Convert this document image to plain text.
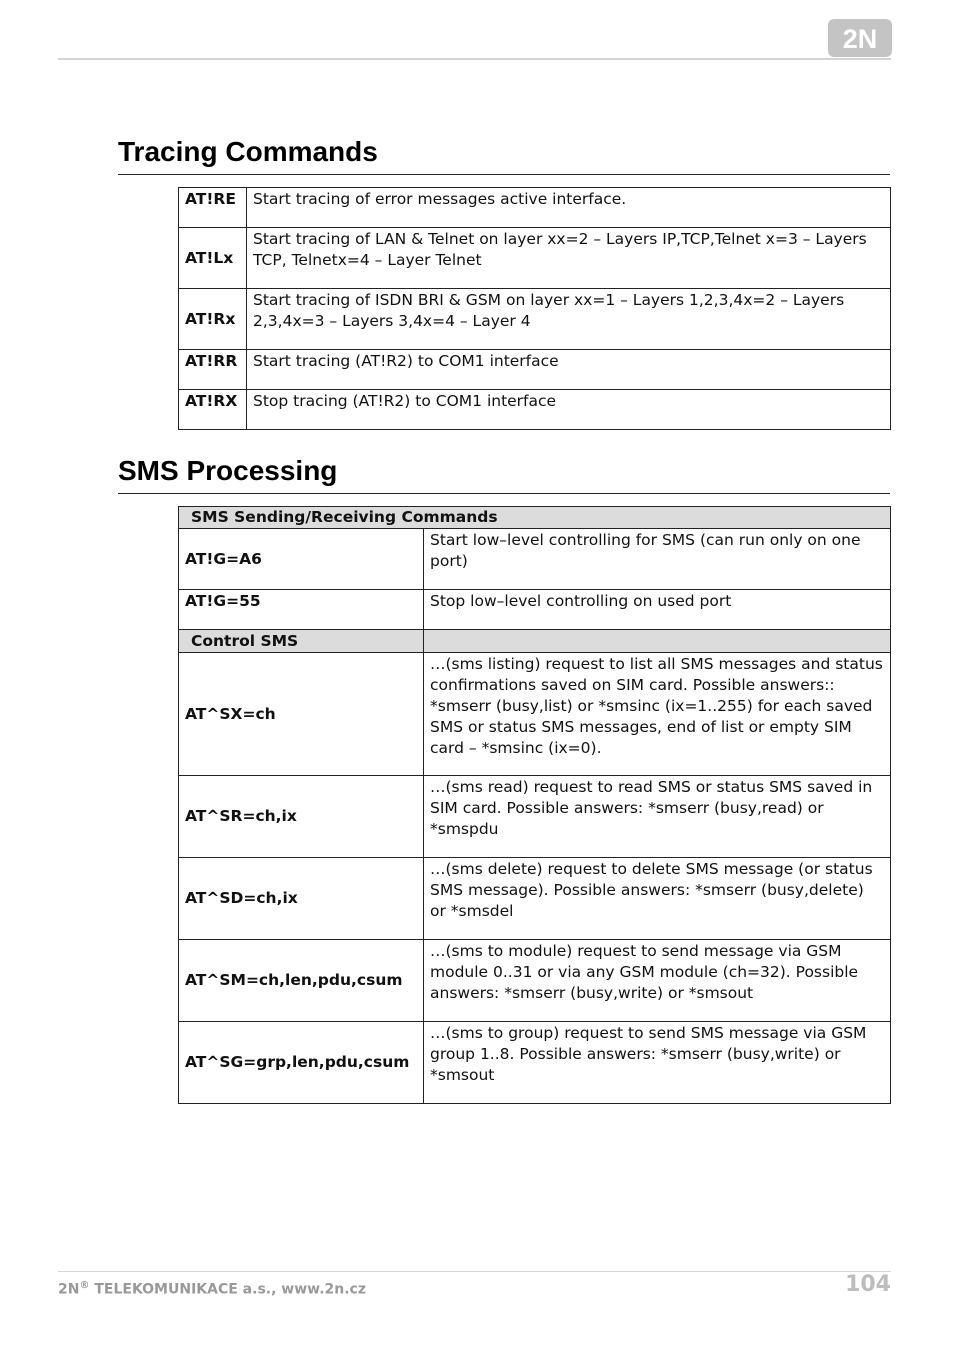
2N
Tracing Commands
AT!RE	Start tracing of error messages active interface.
AT!Lx	Start tracing of LAN & Telnet on layer xx=2 – Layers IP,TCP,Telnet x=3 – Layers TCP, Telnetx=4 – Layer Telnet
AT!Rx	Start tracing of ISDN BRI & GSM on layer xx=1 – Layers 1,2,3,4x=2 – Layers 2,3,4x=3 – Layers 3,4x=4 – Layer 4
AT!RR	Start tracing (AT!R2) to COM1 interface
AT!RX	Stop tracing (AT!R2) to COM1 interface
SMS Processing
SMS Sending/Receiving Commands	
AT!G=A6	Start low–level controlling for SMS (can run only on one port)
AT!G=55	Stop low–level controlling on used port
Control SMS	
AT^SX=ch	…(sms listing) request to list all SMS messages and status confirmations saved on SIM card. Possible answers:: *smserr (busy,list) or *smsinc (ix=1..255) for each saved SMS or status SMS messages, end of list or empty SIM card – *smsinc (ix=0).
AT^SR=ch,ix	…(sms read) request to read SMS or status SMS saved in SIM card. Possible answers: *smserr (busy,read) or *smspdu
AT^SD=ch,ix	…(sms delete) request to delete SMS message (or status SMS message). Possible answers: *smserr (busy,delete) or *smsdel
AT^SM=ch,len,pdu,csum	…(sms to module) request to send message via GSM module 0..31 or via any GSM module (ch=32). Possible answers: *smserr (busy,write) or *smsout
AT^SG=grp,len,pdu,csum	…(sms to group) request to send SMS message via GSM group 1..8. Possible answers: *smserr (busy,write) or *smsout
2N® TELEKOMUNIKACE a.s., www.2n.cz	104
